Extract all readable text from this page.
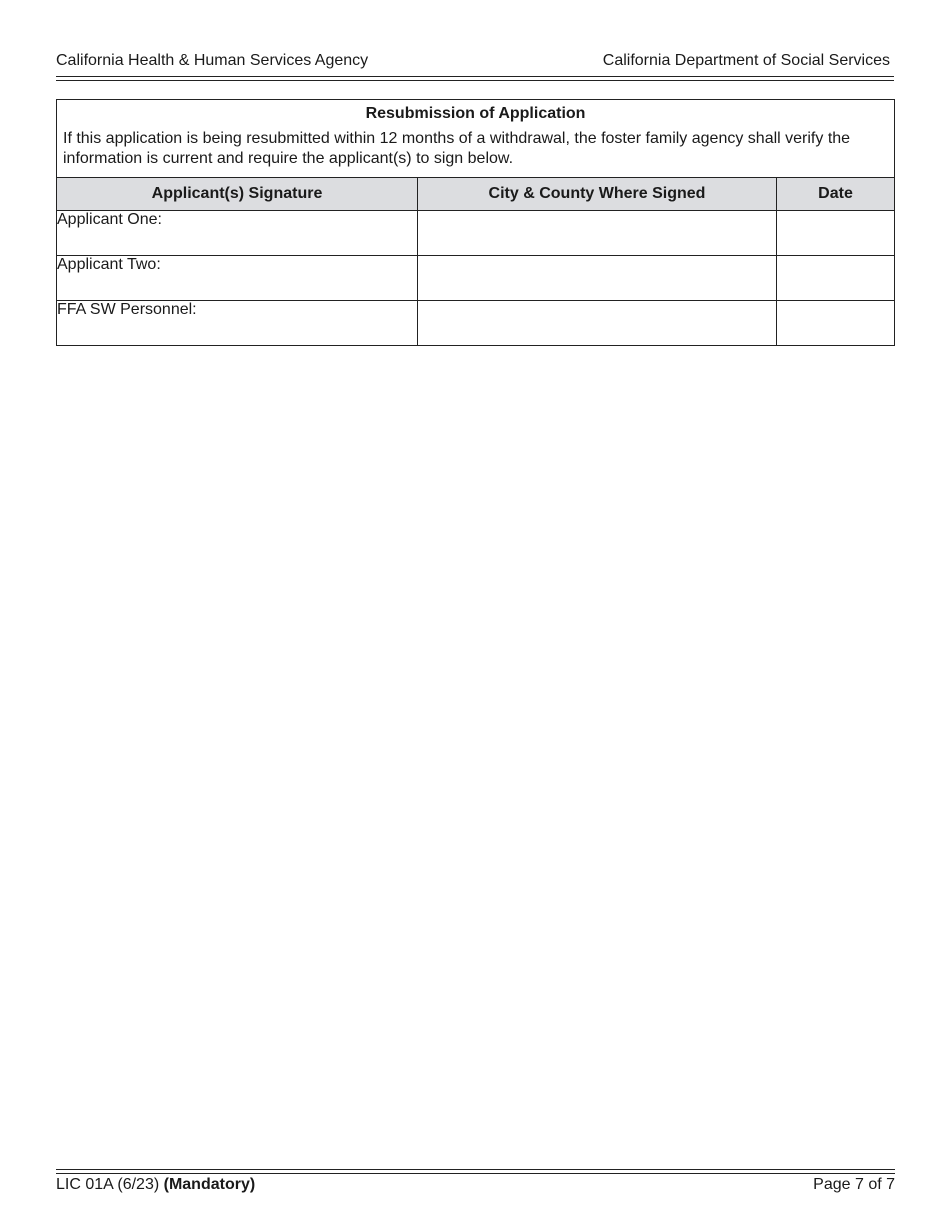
California Health & Human Services Agency	California Department of Social Services
Resubmission of Application
If this application is being resubmitted within 12 months of a withdrawal, the foster family agency shall verify the information is current and require the applicant(s) to sign below.		

Applicant(s) Signature	City & County Where Signed	Date
Applicant One:		
Applicant Two:		
FFA SW Personnel:		
LIC 01A (6/23) (Mandatory)	Page 7 of 7
